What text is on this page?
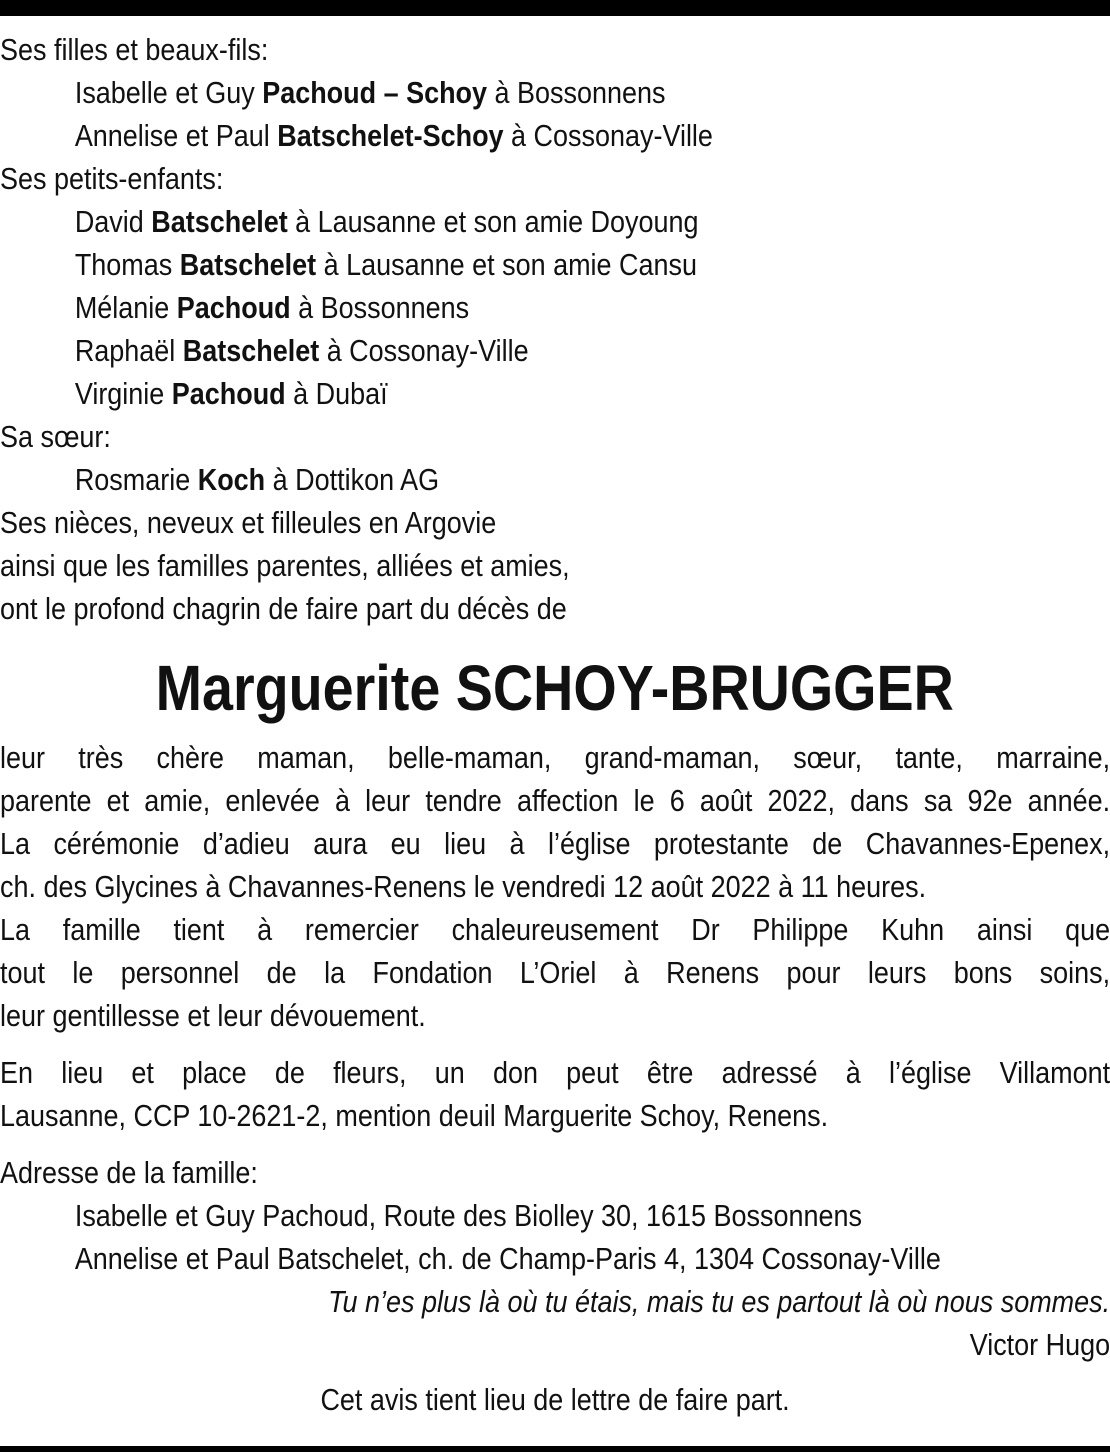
Ses filles et beaux-fils:
Isabelle et Guy Pachoud – Schoy à Bossonnens
Annelise et Paul Batschelet-Schoy à Cossonay-Ville
Ses petits-enfants:
David Batschelet à Lausanne et son amie Doyoung
Thomas Batschelet à Lausanne et son amie Cansu
Mélanie Pachoud à Bossonnens
Raphaël Batschelet à Cossonay-Ville
Virginie Pachoud à Dubaï
Sa sœur:
Rosmarie Koch à Dottikon AG
Ses nièces, neveux et filleules en Argovie
ainsi que les familles parentes, alliées et amies,
ont le profond chagrin de faire part du décès de
Marguerite SCHOY-BRUGGER
leur très chère maman, belle-maman, grand-maman, sœur, tante, marraine,
parente et amie, enlevée à leur tendre affection le 6 août 2022, dans sa 92e année.
La cérémonie d’adieu aura eu lieu à l’église protestante de Chavannes-Epenex,
ch. des Glycines à Chavannes-Renens le vendredi 12 août 2022 à 11 heures.
La famille tient à remercier chaleureusement Dr Philippe Kuhn ainsi que
tout le personnel de la Fondation L’Oriel à Renens pour leurs bons soins,
leur gentillesse et leur dévouement.
En lieu et place de fleurs, un don peut être adressé à l’église Villamont
Lausanne, CCP 10-2621-2, mention deuil Marguerite Schoy, Renens.
Adresse de la famille:
Isabelle et Guy Pachoud, Route des Biolley 30, 1615 Bossonnens
Annelise et Paul Batschelet, ch. de Champ-Paris 4, 1304 Cossonay-Ville
Tu n’es plus là où tu étais, mais tu es partout là où nous sommes.
Victor Hugo
Cet avis tient lieu de lettre de faire part.
